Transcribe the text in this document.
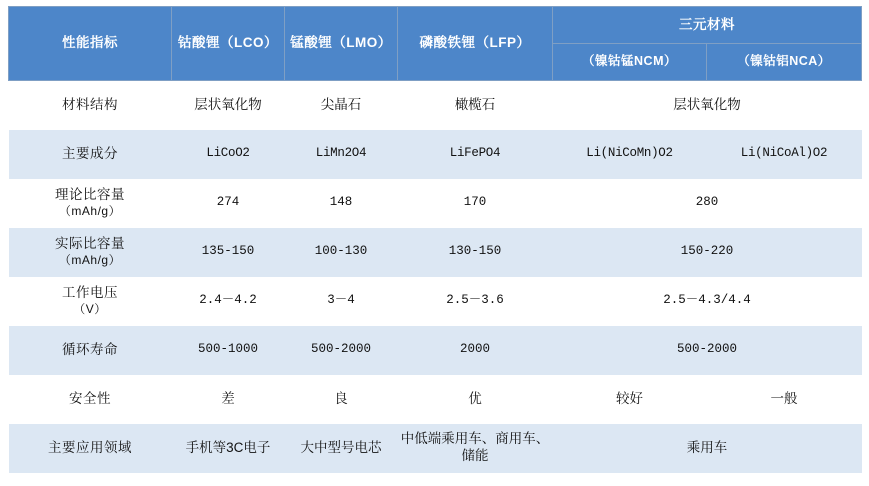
性能指标	钴酸锂（LCO）	锰酸锂（LMO）	磷酸铁锂（LFP）	三元材料	
				（镍钴锰NCM）	（镍钴铝NCA）
材料结构	层状氧化物	尖晶石	橄榄石	层状氧化物	
主要成分	LiCoO2	LiMn2O4	LiFePO4	Li(NiCoMn)O2	Li(NiCoAl)O2

理论比容量
（mAh/g）	274	148	170	280	

实际比容量
（mAh/g）	135-150	100-130	130-150	150-220	

工作电压
（V）	2.4－4.2	3－4	2.5－3.6	2.5－4.3/4.4	
循环寿命	500-1000	500-2000	2000	500-2000	
安全性	差	良	优	较好	一般
主要应用领域	手机等3C电子	大中型号电芯	中低端乘用车、商用车、储能	乘用车	
